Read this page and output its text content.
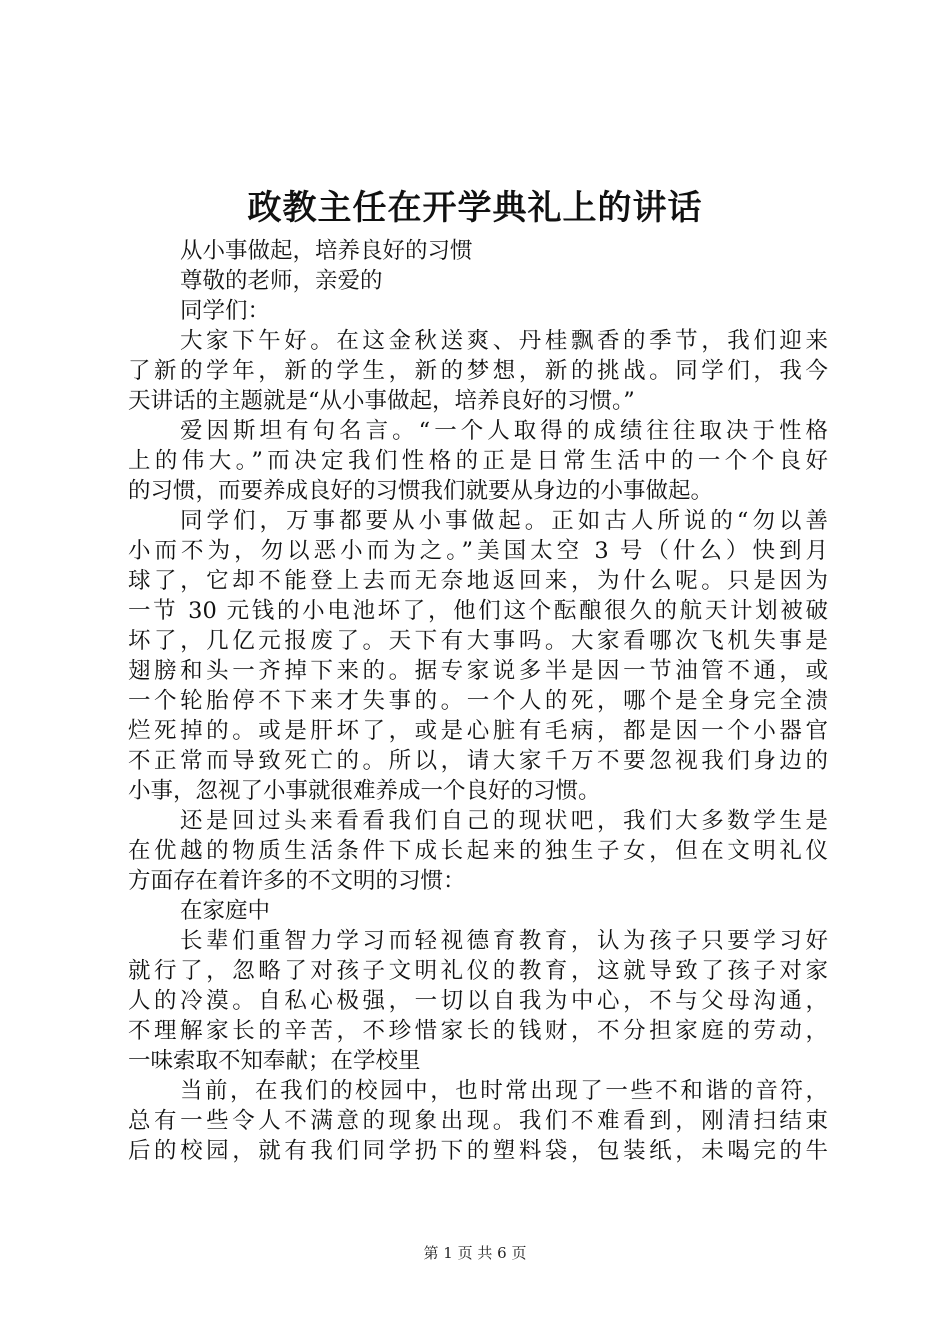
政教主任在开学典礼上的讲话
从小事做起，培养良好的习惯
尊敬的老师，亲爱的
同学们：
大家下午好。在这金秋送爽、丹桂飘香的季节，我们迎来
了新的学年，新的学生，新的梦想，新的挑战。同学们，我今
天讲话的主题就是“从小事做起，培养良好的习惯。”
爱因斯坦有句名言。“一个人取得的成绩往往取决于性格
上的伟大。”而决定我们性格的正是日常生活中的一个个良好
的习惯，而要养成良好的习惯我们就要从身边的小事做起。
同学们，万事都要从小事做起。正如古人所说的“勿以善
小而不为，勿以恶小而为之。”美国太空 3 号（什么）快到月
球了，它却不能登上去而无奈地返回来，为什么呢。只是因为
一节 30 元钱的小电池坏了，他们这个酝酿很久的航天计划被破
坏了，几亿元报废了。天下有大事吗。大家看哪次飞机失事是
翅膀和头一齐掉下来的。据专家说多半是因一节油管不通，或
一个轮胎停不下来才失事的。一个人的死，哪个是全身完全溃
烂死掉的。或是肝坏了，或是心脏有毛病，都是因一个小器官
不正常而导致死亡的。所以，请大家千万不要忽视我们身边的
小事，忽视了小事就很难养成一个良好的习惯。
还是回过头来看看我们自己的现状吧，我们大多数学生是
在优越的物质生活条件下成长起来的独生子女，但在文明礼仪
方面存在着许多的不文明的习惯：
在家庭中
长辈们重智力学习而轻视德育教育，认为孩子只要学习好
就行了，忽略了对孩子文明礼仪的教育，这就导致了孩子对家
人的冷漠。自私心极强，一切以自我为中心，不与父母沟通，
不理解家长的辛苦，不珍惜家长的钱财，不分担家庭的劳动，
一味索取不知奉献；在学校里
当前，在我们的校园中，也时常出现了一些不和谐的音符，
总有一些令人不满意的现象出现。我们不难看到，刚清扫结束
后的校园，就有我们同学扔下的塑料袋，包装纸，未喝完的牛
第 1 页 共 6 页
